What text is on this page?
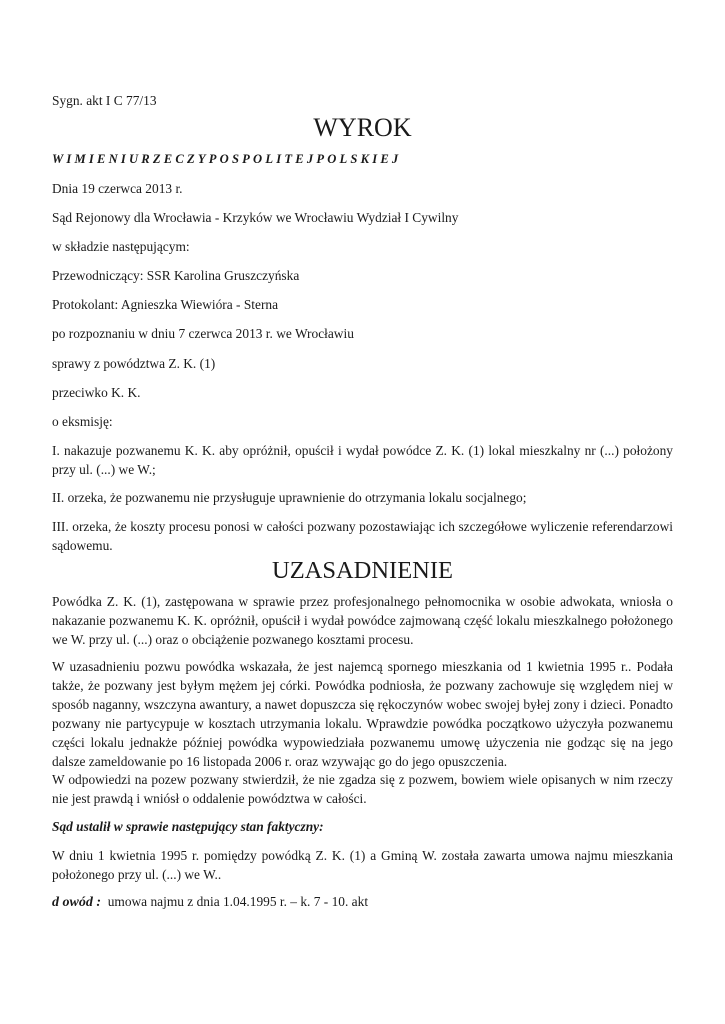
Sygn. akt I C 77/13

WYROK

WIMIENIURZECZYPOSPOLITEJPOLSKIEJ

Dnia 19 czerwca 2013 r.

Sąd Rejonowy dla Wrocławia - Krzyków we Wrocławiu Wydział I Cywilny

w składzie następującym:

Przewodniczący: SSR Karolina Gruszczyńska

Protokolant: Agnieszka Wiewióra - Sterna

po rozpoznaniu w dniu 7 czerwca 2013 r. we Wrocławiu

sprawy z powództwa Z. K. (1)

przeciwko K. K.

o eksmisję:

I. nakazuje pozwanemu K. K. aby opróżnił, opuścił i wydał powódce Z. K. (1) lokal mieszkalny nr (...) położony przy ul. (...) we W.;

II. orzeka, że pozwanemu nie przysługuje uprawnienie do otrzymania lokalu socjalnego;

III. orzeka, że koszty procesu ponosi w całości pozwany pozostawiając ich szczegółowe wyliczenie referendarzowi sądowemu.

UZASADNIENIE

Powódka Z. K. (1), zastępowana w sprawie przez profesjonalnego pełnomocnika w osobie adwokata, wniosła o nakazanie pozwanemu K. K. opróżnił, opuścił i wydał powódce zajmowaną część lokalu mieszkalnego położonego we W. przy ul. (...) oraz o obciążenie pozwanego kosztami procesu.

W uzasadnieniu pozwu powódka wskazała, że jest najemcą spornego mieszkania od 1 kwietnia 1995 r.. Podała także, że pozwany jest byłym mężem jej córki. Powódka podniosła, że pozwany zachowuje się względem niej w sposób naganny, wszczyna awantury, a nawet dopuszcza się rękoczynów wobec swojej byłej zony i dzieci. Ponadto pozwany nie partycypuje w kosztach utrzymania lokalu. Wprawdzie powódka początkowo użyczyła pozwanemu części lokalu jednakże później powódka wypowiedziała pozwanemu umowę użyczenia nie godząc się na jego dalsze zameldowanie po 16 listopada 2006 r. oraz wzywając go do jego opuszczenia.

W odpowiedzi na pozew pozwany stwierdził, że nie zgadza się z pozwem, bowiem wiele opisanych w nim rzeczy nie jest prawdą i wniósł o oddalenie powództwa w całości.

Sąd ustalił w sprawie następujący stan faktyczny:

W dniu 1 kwietnia 1995 r. pomiędzy powódką Z. K. (1) a Gminą W. została zawarta umowa najmu mieszkania położonego przy ul. (...) we W..

d owód : umowa najmu z dnia 1.04.1995 r. – k. 7 - 10. akt
